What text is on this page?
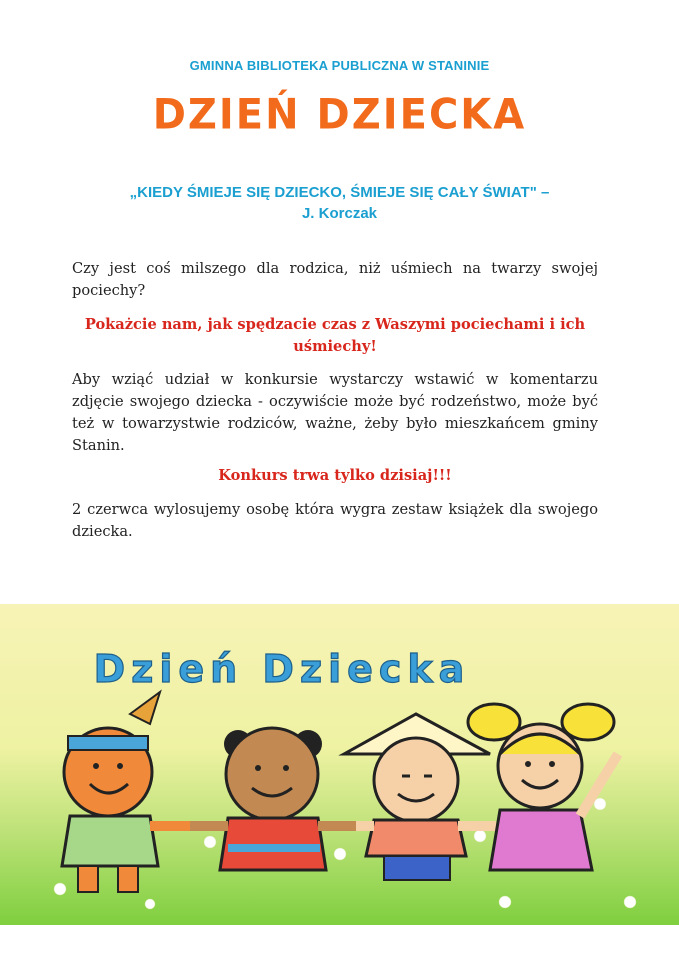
GMINNA BIBLIOTEKA PUBLICZNA W STANINIE
DZIEŃ DZIECKA
„KIEDY ŚMIEJE SIĘ DZIECKO, ŚMIEJE SIĘ CAŁY ŚWIAT" –
J. Korczak
Czy jest coś milszego dla rodzica, niż uśmiech na twarzy swojej pociechy?
Pokażcie nam, jak spędzacie czas z Waszymi pociechami i ich uśmiechy!
Aby wziąć udział w konkursie wystarczy wstawić w komentarzu zdjęcie swojego dziecka - oczywiście może być rodzeństwo, może być też w towarzystwie rodziców, ważne, żeby było mieszkańcem gminy Stanin.
Konkurs trwa tylko dzisiaj!!!
2 czerwca wylosujemy osobę która wygra zestaw książek dla swojego dziecka.
Dzień Dziecka
